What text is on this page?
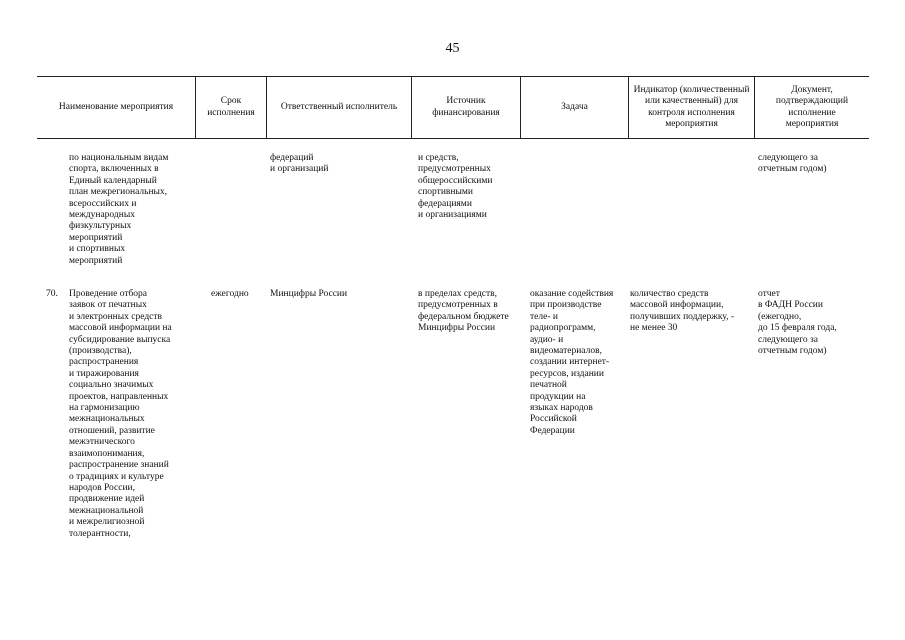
45
Наименование мероприятия
Срок исполнения
Ответственный исполнитель
Источник финансирования
Задача
Индикатор (количественный или качественный) для контроля исполнения мероприятия
Документ, подтверждающий исполнение мероприятия
по национальным видам
спорта, включенных в
Единый календарный
план межрегиональных,
всероссийских и
международных
физкультурных
мероприятий
и спортивных
мероприятий
федераций
и организаций
и средств,
предусмотренных
общероссийскими
спортивными
федерациями
и организациями
следующего за
отчетным годом)
70. Проведение отбора
заявок от печатных
и электронных средств
массовой информации на
субсидирование выпуска
(производства),
распространения
и тиражирования
социально значимых
проектов, направленных
на гармонизацию
межнациональных
отношений, развитие
межэтнического
взаимопонимания,
распространение знаний
о традициях и культуре
народов России,
продвижение идей
межнациональной
и межрелигиозной
толерантности,
ежегодно Минцифры России	в пределах средств,
предусмотренных в
федеральном бюджете
Минцифры России
оказание содействия
при производстве
теле- и
радиопрограмм,
аудио- и
видеоматериалов,
создании интернет-
ресурсов, издании
печатной
продукции на
языках народов
Российской
Федерации
количество средств
массовой информации,
получивших поддержку, -
не менее 30
отчет
в ФАДН России
(ежегодно,
до 15 февраля года,
следующего за
отчетным годом)
